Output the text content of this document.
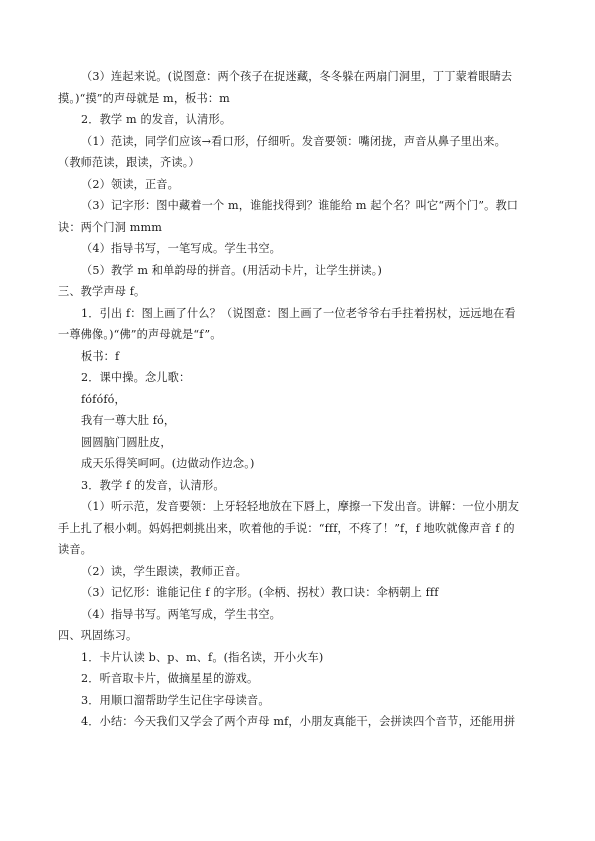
（3）连起来说。(说图意：两个孩子在捉迷藏，冬冬躲在两扇门洞里，丁丁蒙着眼睛去

摸。)“摸”的声母就是 m，板书：m

2．教学 m 的发音，认清形。

（1）范读，同学们应该→看口形，仔细听。发音要领：嘴闭拢，声音从鼻子里出来。

（教师范读，跟读，齐读。）

（2）领读，正音。

（3）记字形：图中藏着一个 m，谁能找得到？谁能给 m 起个名？叫它“两个门”。教口

诀：两个门洞 mmm

（4）指导书写，一笔写成。学生书空。

（5）教学 m 和单韵母的拼音。(用活动卡片，让学生拼读。)

三、教学声母 f。

1．引出 f：图上画了什么？（说图意：图上画了一位老爷爷右手拄着拐杖，远远地在看

一尊佛像。)“佛”的声母就是“f”。

板书：f

2．课中操。念儿歌：

fófófó，

我有一尊大肚 fó，

圆圆脑门圆肚皮，

成天乐得笑呵呵。(边做动作边念。)

3．教学 f 的发音，认清形。

（1）听示范，发音要领：上牙轻轻地放在下唇上，摩擦一下发出音。讲解：一位小朋友

手上扎了根小刺。妈妈把刺挑出来，吹着他的手说：“fff，不疼了！”f，f 地吹就像声音 f 的

读音。

（2）读，学生跟读，教师正音。

（3）记忆形：谁能记住 f 的字形。(伞柄、拐杖）教口诀：伞柄朝上 fff

（4）指导书写。两笔写成，学生书空。

四、巩固练习。

1．卡片认读 b、p、m、f。(指名读，开小火车)

2．听音取卡片，做摘星星的游戏。

3．用顺口溜帮助学生记住字母读音。

4．小结：今天我们又学会了两个声母 mf，小朋友真能干，会拼读四个音节，还能用拼
